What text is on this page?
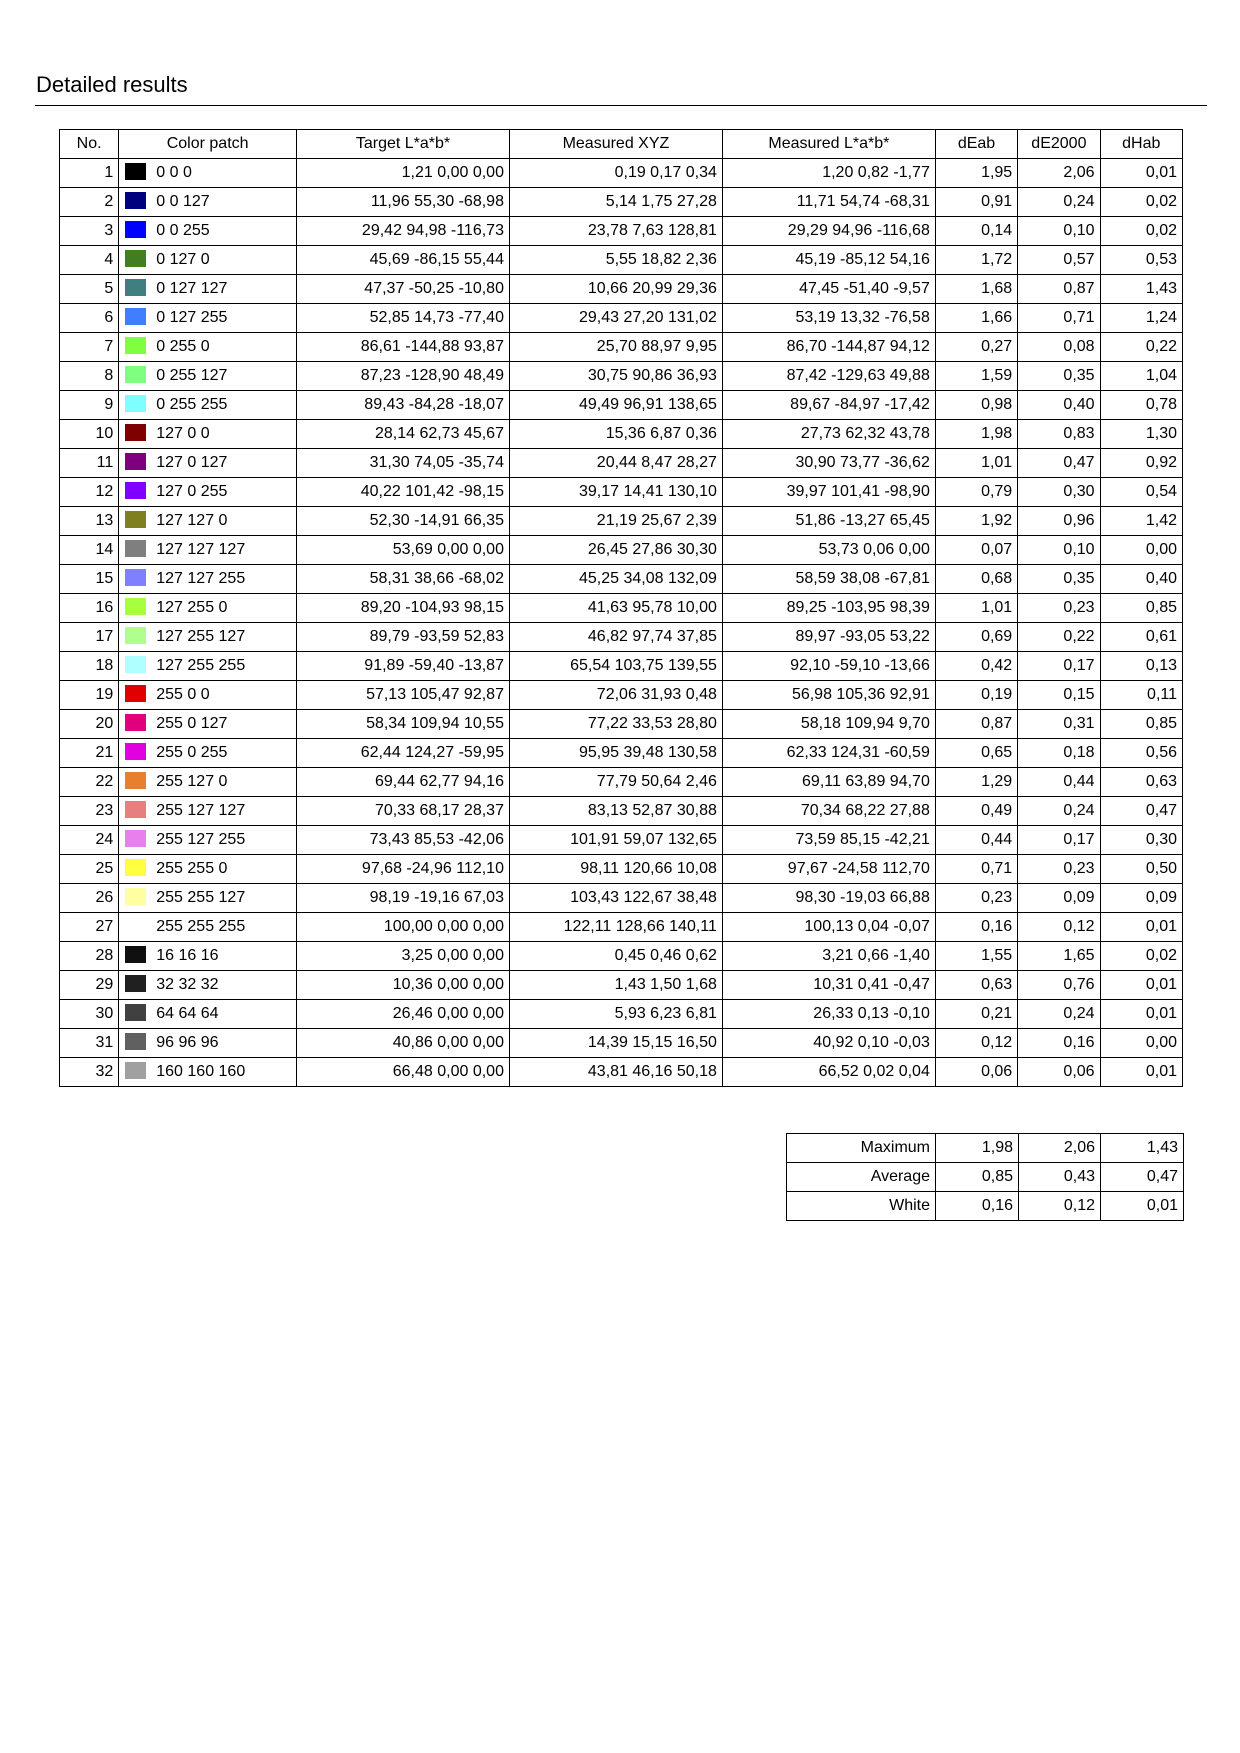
Detailed results
No.	Color patch	Target L*a*b*	Measured XYZ	Measured L*a*b*	dEab	dE2000	dHab
1	0 0 0	1,21 0,00 0,00	0,19 0,17 0,34	1,20 0,82 -1,77	1,95	2,06	0,01
2	0 0 127	11,96 55,30 -68,98	5,14 1,75 27,28	11,71 54,74 -68,31	0,91	0,24	0,02
3	0 0 255	29,42 94,98 -116,73	23,78 7,63 128,81	29,29 94,96 -116,68	0,14	0,10	0,02
4	0 127 0	45,69 -86,15 55,44	5,55 18,82 2,36	45,19 -85,12 54,16	1,72	0,57	0,53
5	0 127 127	47,37 -50,25 -10,80	10,66 20,99 29,36	47,45 -51,40 -9,57	1,68	0,87	1,43
6	0 127 255	52,85 14,73 -77,40	29,43 27,20 131,02	53,19 13,32 -76,58	1,66	0,71	1,24
7	0 255 0	86,61 -144,88 93,87	25,70 88,97 9,95	86,70 -144,87 94,12	0,27	0,08	0,22
8	0 255 127	87,23 -128,90 48,49	30,75 90,86 36,93	87,42 -129,63 49,88	1,59	0,35	1,04
9	0 255 255	89,43 -84,28 -18,07	49,49 96,91 138,65	89,67 -84,97 -17,42	0,98	0,40	0,78
10	127 0 0	28,14 62,73 45,67	15,36 6,87 0,36	27,73 62,32 43,78	1,98	0,83	1,30
11	127 0 127	31,30 74,05 -35,74	20,44 8,47 28,27	30,90 73,77 -36,62	1,01	0,47	0,92
12	127 0 255	40,22 101,42 -98,15	39,17 14,41 130,10	39,97 101,41 -98,90	0,79	0,30	0,54
13	127 127 0	52,30 -14,91 66,35	21,19 25,67 2,39	51,86 -13,27 65,45	1,92	0,96	1,42
14	127 127 127	53,69 0,00 0,00	26,45 27,86 30,30	53,73 0,06 0,00	0,07	0,10	0,00
15	127 127 255	58,31 38,66 -68,02	45,25 34,08 132,09	58,59 38,08 -67,81	0,68	0,35	0,40
16	127 255 0	89,20 -104,93 98,15	41,63 95,78 10,00	89,25 -103,95 98,39	1,01	0,23	0,85
17	127 255 127	89,79 -93,59 52,83	46,82 97,74 37,85	89,97 -93,05 53,22	0,69	0,22	0,61
18	127 255 255	91,89 -59,40 -13,87	65,54 103,75 139,55	92,10 -59,10 -13,66	0,42	0,17	0,13
19	255 0 0	57,13 105,47 92,87	72,06 31,93 0,48	56,98 105,36 92,91	0,19	0,15	0,11
20	255 0 127	58,34 109,94 10,55	77,22 33,53 28,80	58,18 109,94 9,70	0,87	0,31	0,85
21	255 0 255	62,44 124,27 -59,95	95,95 39,48 130,58	62,33 124,31 -60,59	0,65	0,18	0,56
22	255 127 0	69,44 62,77 94,16	77,79 50,64 2,46	69,11 63,89 94,70	1,29	0,44	0,63
23	255 127 127	70,33 68,17 28,37	83,13 52,87 30,88	70,34 68,22 27,88	0,49	0,24	0,47
24	255 127 255	73,43 85,53 -42,06	101,91 59,07 132,65	73,59 85,15 -42,21	0,44	0,17	0,30
25	255 255 0	97,68 -24,96 112,10	98,11 120,66 10,08	97,67 -24,58 112,70	0,71	0,23	0,50
26	255 255 127	98,19 -19,16 67,03	103,43 122,67 38,48	98,30 -19,03 66,88	0,23	0,09	0,09
27	255 255 255	100,00 0,00 0,00	122,11 128,66 140,11	100,13 0,04 -0,07	0,16	0,12	0,01
28	16 16 16	3,25 0,00 0,00	0,45 0,46 0,62	3,21 0,66 -1,40	1,55	1,65	0,02
29	32 32 32	10,36 0,00 0,00	1,43 1,50 1,68	10,31 0,41 -0,47	0,63	0,76	0,01
30	64 64 64	26,46 0,00 0,00	5,93 6,23 6,81	26,33 0,13 -0,10	0,21	0,24	0,01
31	96 96 96	40,86 0,00 0,00	14,39 15,15 16,50	40,92 0,10 -0,03	0,12	0,16	0,00
32	160 160 160	66,48 0,00 0,00	43,81 46,16 50,18	66,52 0,02 0,04	0,06	0,06	0,01
Maximum	1,98	2,06	1,43
Average	0,85	0,43	0,47
White	0,16	0,12	0,01
